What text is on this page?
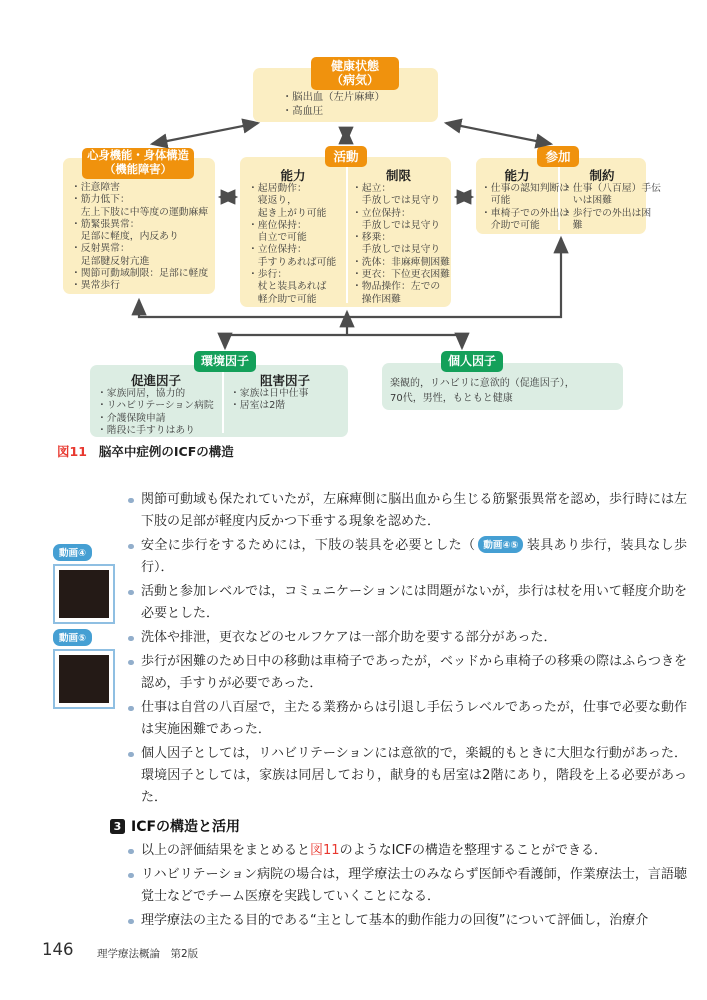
健康状態
（病気）
・脳出血（左片麻痺）
・高血圧
心身機能・身体構造
（機能障害）
・注意障害
・筋力低下：
　左上下肢に中等度の運動麻痺
・筋緊張異常：
　足部に軽度，内反あり
・反射異常：
　足部腱反射亢進
・関節可動域制限：足部に軽度
・異常歩行
活動
能力	制限
・起居動作：
　寝返り，
　起き上がり可能
・座位保持：
　自立で可能
・立位保持：
　手すりあれば可能
・歩行：
　杖と装具あれば
　軽介助で可能
・起立：
　手放しでは見守り
・立位保持：
　手放しでは見守り
・移乗：
　手放しでは見守り
・洗体：非麻痺側困難
・更衣：下位更衣困難
・物品操作：左での
　操作困難
参加
能力	制約
・仕事の認知判断は
　可能
・車椅子での外出は
　介助で可能
・仕事（八百屋）手伝
　いは困難
・歩行での外出は困
　難
環境因子
促進因子	阻害因子
・家族同居，協力的
・リハビリテーション病院
・介護保険申請
・階段に手すりはあり
・家族は日中仕事
・居室は2階
個人因子
楽観的，リハビリに意欲的（促進因子），
70代，男性，もともと健康
図11 脳卒中症例のICFの構造
動画④
動画⑤

関節可動域も保たれていたが，左麻痺側に脳出血から生じる筋緊張異常を認め，歩行時には左下肢の足部が軽度内反かつ下垂する現象を認めた．

安全に歩行をするためには，下肢の装具を必要とした（ 動画④⑤ 装具あり歩行，装具なし歩行）．

活動と参加レベルでは，コミュニケーションには問題がないが，歩行は杖を用いて軽度介助を必要とした．

洗体や排泄，更衣などのセルフケアは一部介助を要する部分があった．

歩行が困難のため日中の移動は車椅子であったが，ベッドから車椅子の移乗の際はふらつきを認め，手すりが必要であった．

仕事は自営の八百屋で，主たる業務からは引退し手伝うレベルであったが，仕事で必要な動作は実施困難であった．

個人因子としては，リハビリテーションには意欲的で，楽観的もときに大胆な行動があった．環境因子としては，家族は同居しており，献身的も居室は2階にあり，階段を上る必要があった．

3 ICFの構造と活用

以上の評価結果をまとめると図11のようなICFの構造を整理することができる．

リハビリテーション病院の場合は，理学療法士のみならず医師や看護師，作業療法士，言語聴覚士などでチーム医療を実践していくことになる．

理学療法の主たる目的である“主として基本的動作能力の回復”について評価し，治療介

146 理学療法概論　第2版
